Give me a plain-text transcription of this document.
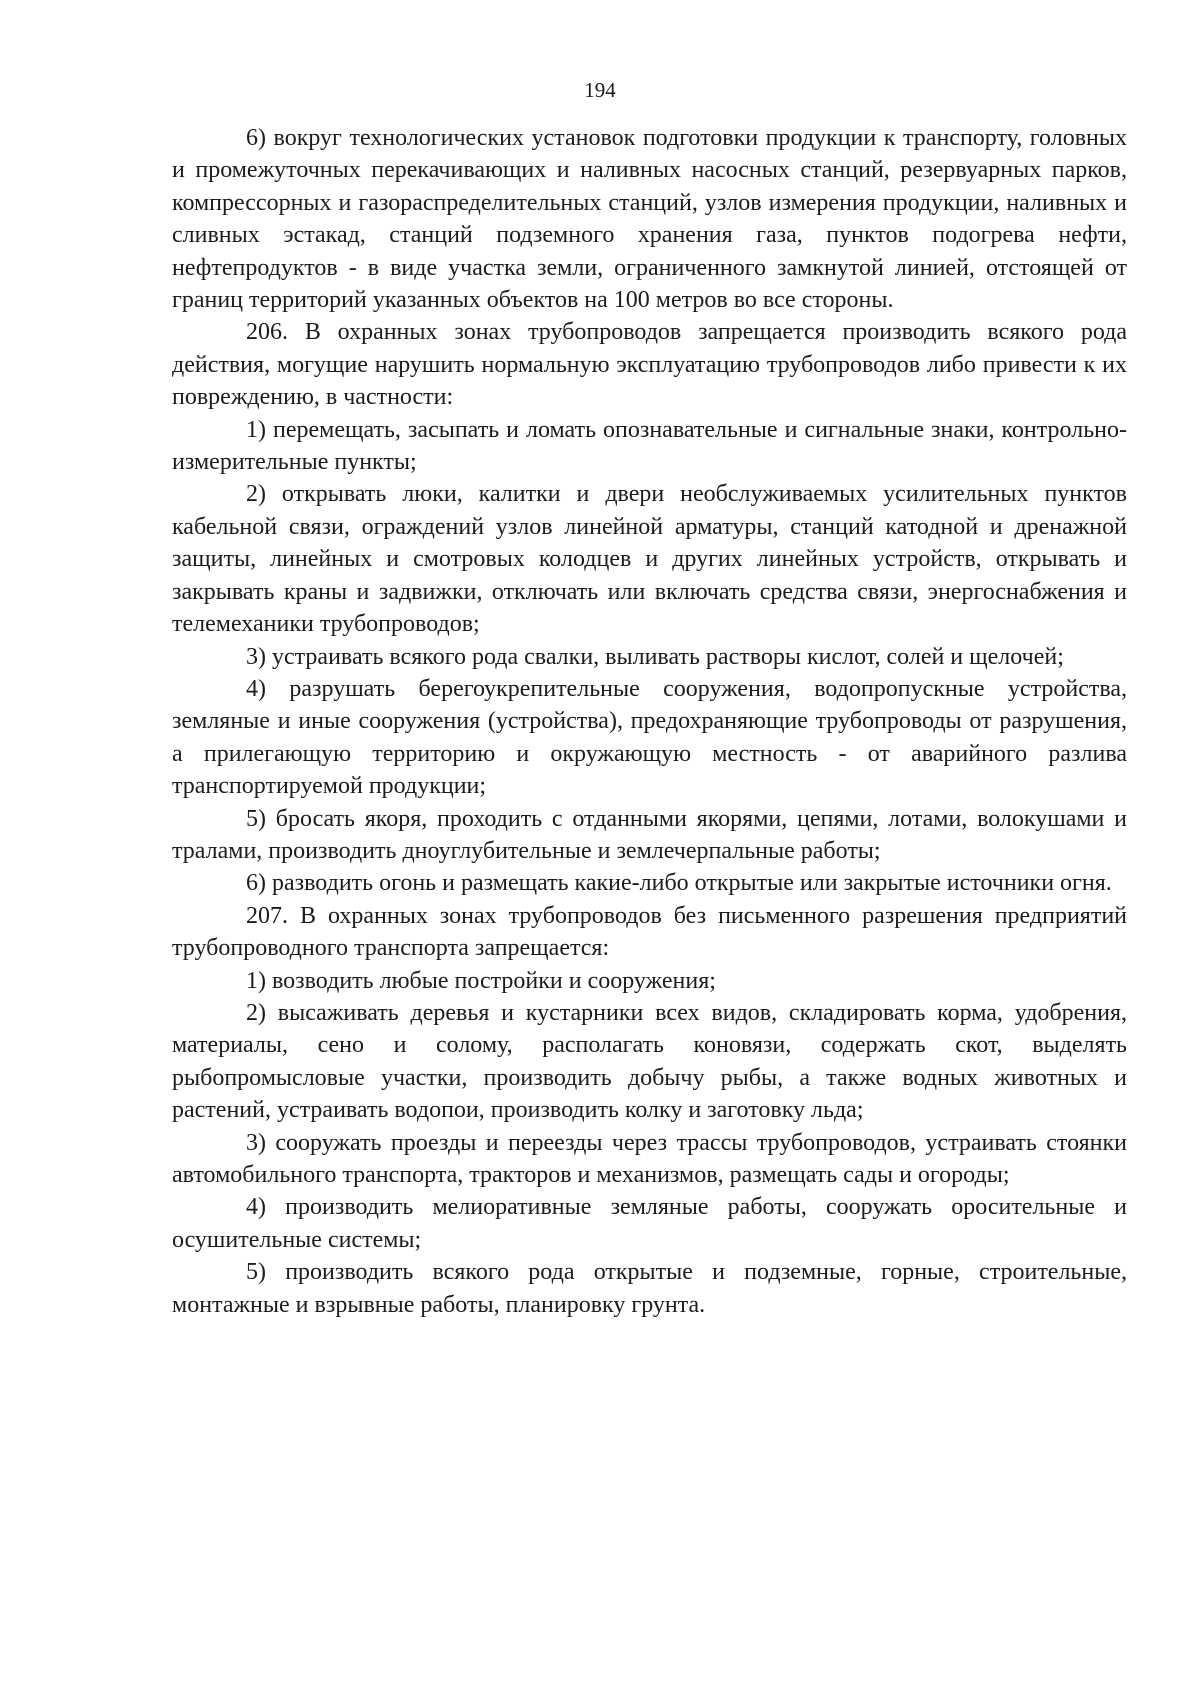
194

6) вокруг технологических установок подготовки продукции к транспорту, головных и промежуточных перекачивающих и наливных насосных станций, резервуарных парков, компрессорных и газораспределительных станций, узлов измерения продукции, наливных и сливных эстакад, станций подземного хранения газа, пунктов подогрева нефти, нефтепродуктов - в виде участка земли, ограниченного замкнутой линией, отстоящей от границ территорий указанных объектов на 100 метров во все стороны.

206. В охранных зонах трубопроводов запрещается производить всякого рода действия, могущие нарушить нормальную эксплуатацию трубопроводов либо привести к их повреждению, в частности:

1) перемещать, засыпать и ломать опознавательные и сигнальные знаки, контрольно-измерительные пункты;

2) открывать люки, калитки и двери необслуживаемых усилительных пунктов кабельной связи, ограждений узлов линейной арматуры, станций катодной и дренажной защиты, линейных и смотровых колодцев и других линейных устройств, открывать и закрывать краны и задвижки, отключать или включать средства связи, энергоснабжения и телемеханики трубопроводов;

3) устраивать всякого рода свалки, выливать растворы кислот, солей и щелочей;

4) разрушать берегоукрепительные сооружения, водопропускные устройства, земляные и иные сооружения (устройства), предохраняющие трубопроводы от разрушения, а прилегающую территорию и окружающую местность - от аварийного разлива транспортируемой продукции;

5) бросать якоря, проходить с отданными якорями, цепями, лотами, волокушами и тралами, производить дноуглубительные и землечерпальные работы;

6) разводить огонь и размещать какие-либо открытые или закрытые источники огня.

207. В охранных зонах трубопроводов без письменного разрешения предприятий трубопроводного транспорта запрещается:

1) возводить любые постройки и сооружения;

2) высаживать деревья и кустарники всех видов, складировать корма, удобрения, материалы, сено и солому, располагать коновязи, содержать скот, выделять рыбопромысловые участки, производить добычу рыбы, а также водных животных и растений, устраивать водопои, производить колку и заготовку льда;

3) сооружать проезды и переезды через трассы трубопроводов, устраивать стоянки автомобильного транспорта, тракторов и механизмов, размещать сады и огороды;

4) производить мелиоративные земляные работы, сооружать оросительные и осушительные системы;

5) производить всякого рода открытые и подземные, горные, строительные, монтажные и взрывные работы, планировку грунта.
